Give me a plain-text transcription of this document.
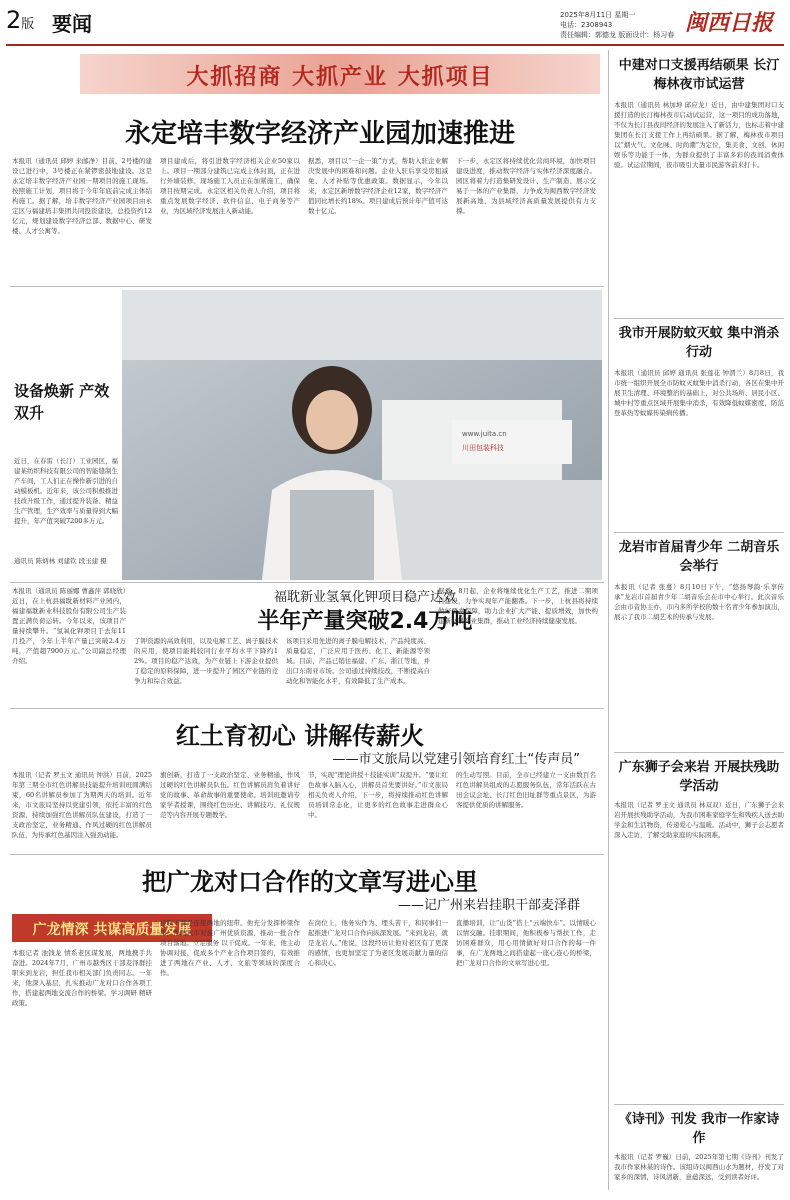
2版 要闻	2025年8月11日 星期一
电话：2308943
责任编辑：郭德龙 版面设计：杨习春 闽西日报
大抓招商 大抓产业 大抓项目
永定培丰数字经济产业园加速推进
本报讯（通讯员 邱婷 来邮净）目前，2号楼的建设已进行中，3号楼正在紧锣密鼓地建设。这是永定培丰数字经济产业园一期项目的施工现场。按照施工计划，项目将于今年年底前完成主体结构施工。据了解，培丰数字经济产业园项目由永定区与福建培丰集团共同投资建设，总投资约12亿元，规划建设数字经济总部、数据中心、研发楼、人才公寓等。
项目建成后，将引进数字经济相关企业50家以上。项目一期部分建筑已完成主体封顶，正在进行外墙装修。现场施工人员正在加紧施工，确保项目按期完成。永定区相关负责人介绍，项目将重点发展数字经济、软件信息、电子商务等产业，为区域经济发展注入新动能。
据悉，项目以“一企一策”方式，帮助入驻企业解决发展中的困难和问题。企业入驻后享受房租减免、人才补贴等优惠政策。数据显示，今年以来，永定区新增数字经济企业12家，数字经济产值同比增长约18%。项目建成后预计年产值可达数十亿元。
下一步，永定区将持续优化营商环境，加快项目建设进度，推动数字经济与实体经济深度融合。园区将着力打造集研发设计、生产制造、展示交易于一体的产业集群，力争成为闽西数字经济发展新高地，为县域经济高质量发展提供有力支撑。
设备焕新 产效双升
近日，在春雷（长汀）工业园区，福建某纺织科技有限公司的智能缝制生产车间，工人们正在操作新引进的自动模板机。近年来，该公司积极推进技改升级工作，通过提升装备、精益生产管理，生产效率与质量得到大幅提升，年产值突破7200多万元。
通讯员 陈炳林 刘建钦 段玉建 摄
www.juita.cn
川田包装科技
福耽新业氢氧化钾项目稳产达效
半年产量突破2.4万吨
本报讯（通讯员 陈丽娜 曹鑫萍 郭晓欣）近日，在上杭县福耽新材料产业园内，福建福耽新业科技股份有限公司生产装置正满负荷运转。今年以来，该项目产量持续攀升。“氢氧化钾项目于去年11月投产，今年上半年产量已突破2.4万吨，产值超7900万元。”公司副总经理介绍。
了钾资源的高效利用，以及电解工艺、离子膜技术的应用，使项目能耗较同行业平均水平下降约12%。项目的稳产达效，为产业链上下游企业提供了稳定的原料保障，进一步提升了园区产业链的竞争力和综合效益。
该项目采用先进的离子膜电解技术，产品纯度高、质量稳定，广泛应用于医药、化工、新能源等领域。目前，产品已销往福建、广东、浙江等地，并出口东南亚市场。公司通过持续技改，不断提高自动化和智能化水平，有效降低了生产成本。
据悉，8月起，企业将继续优化生产工艺，推进二期项目建设，力争实现年产能翻番。下一步，上杭县将持续做好要素保障，助力企业扩大产能、提质增效，加快构建新材料产业集群，推动工业经济持续健康发展。
红土育初心 讲解传薪火
——市文旅局以党建引领培育红土“传声员”
本报讯（记者 罗玉文 通讯员 钟洪）目前，2025年第三期全市红色讲解员技能提升培训班圆满结束，60名讲解员参加了为期两天的培训。近年来，市文旅局坚持以党建引领，依托丰富的红色资源，持续加强红色讲解员队伍建设，打造了一支政治坚定、业务精通、作风过硬的红色讲解员队伍，为传承红色基因注入强劲动能。
旗创新，打造了一支政治坚定、业务精通、作风过硬的红色讲解员队伍。红色讲解员肩负着讲好党的故事、革命故事的重要使命。培训班邀请专家学者授课，围绕红色历史、讲解技巧、礼仪规范等内容开展专题教学。
节，实现“理论讲授＋技能实训”双提升。“要让红色故事入脑入心，讲解员首先要讲好。”市文旅局相关负责人介绍，下一步，将持续推动红色讲解员培训常态化，让更多的红色故事走进群众心中。
的生动写照。目前，全市已经建立一支由数百名红色讲解员组成的志愿服务队伍，常年活跃在古田会议会址、长汀红色旧址群等重点景区，为游客提供优质的讲解服务。
把广龙对口合作的文章写进心里
——记广州来岩挂职干部麦泽群
广龙情深 共谋高质量发展
本报记者 池钱龙 情系老区谋发展，两地携手共奋进。2024年7月，广州市越秀区干部麦泽群挂职来到龙岩，担任我市相关部门负责同志。一年来，他深入基层，扎实推动广龙对口合作各项工作，搭建起两地交流合作的桥梁。学习调研 精研政策。
挂职干部是连接两地的纽带。他充分发挥桥梁作用，帮助我市对接广州优质资源，推动一批合作项目落地。立足服务 以干促成。一年来，他主动协调对接，促成多个产业合作项目签约，有效推进了两地在产业、人才、文旅等领域的深度合作。
在岗位上，他务实作为、埋头苦干，和同事们一起推进广龙对口合作向纵深发展。“来到龙岩，就是龙岩人。”他说，这段经历让他对老区有了更深的感情，也更加坚定了为老区发展贡献力量的信心和决心。
直播培训，让“山货”搭上“云端快车”。以情暖心 以情交融。挂职期间，他积极参与帮扶工作，走访困难群众，用心用情做好对口合作的每一件事，在广龙两地之间搭建起一座心连心的桥梁，把广龙对口合作的文章写进心里。
中建对口支援再结硕果 长汀梅林夜市试运营
本报讯（通讯员 林加坤 邱应龙）近日，由中建集团对口支援打造的长汀梅林夜市启动试运营，这一项目的成功落地，不仅为长汀县夜间经济的发展注入了新活力，也标志着中建集团在长汀支援工作上再结硕果。据了解，梅林夜市项目以“烟火气、文化味、时尚潮”为定位，集美食、文创、休闲娱乐等功能于一体，为群众提供了丰富多彩的夜间消费体验。试运营期间，夜市吸引大量市民游客前来打卡。
我市开展防蚊灭蚊 集中消杀行动
本报讯（通讯员 邱婷 通讯员 张莲花 钟渭兰）8月8日，我市统一组织开展全市防蚊灭蚊集中消杀行动，各区在集中开展卫生清理、环境整治的基础上，对公共场所、居民小区、城中村等重点区域开展集中消杀，有效降低蚊媒密度，防范登革热等蚊媒传染病传播。
龙岩市首届青少年 二胡音乐会举行
本报讯（记者 张蔓）8月10日下午，“悠扬琴韵·乐享传承”龙岩市首届青少年二胡音乐会在市中心举行。此次音乐会由市音协主办，市内多所学校的数十名青少年参加演出，展示了我市二胡艺术的传承与发展。
广东狮子会来岩 开展扶残助学活动
本报讯（记者 罗玉文 通讯员 林双双）近日，广东狮子会来岩开展扶残助学活动，为我市困难家庭学生和残疾人送去助学金和生活物资，传递爱心与温暖。活动中，狮子会志愿者深入走访，了解受助家庭的实际困难。
《诗刊》刊发 我市一作家诗作
本报讯（记者 罗巍）日前，2025年第七期《诗刊》刊发了我市作家林某的诗作。该组诗以闽西山水为题材，抒发了对家乡的深情，诗风清新，意蕴深远，受到读者好评。
